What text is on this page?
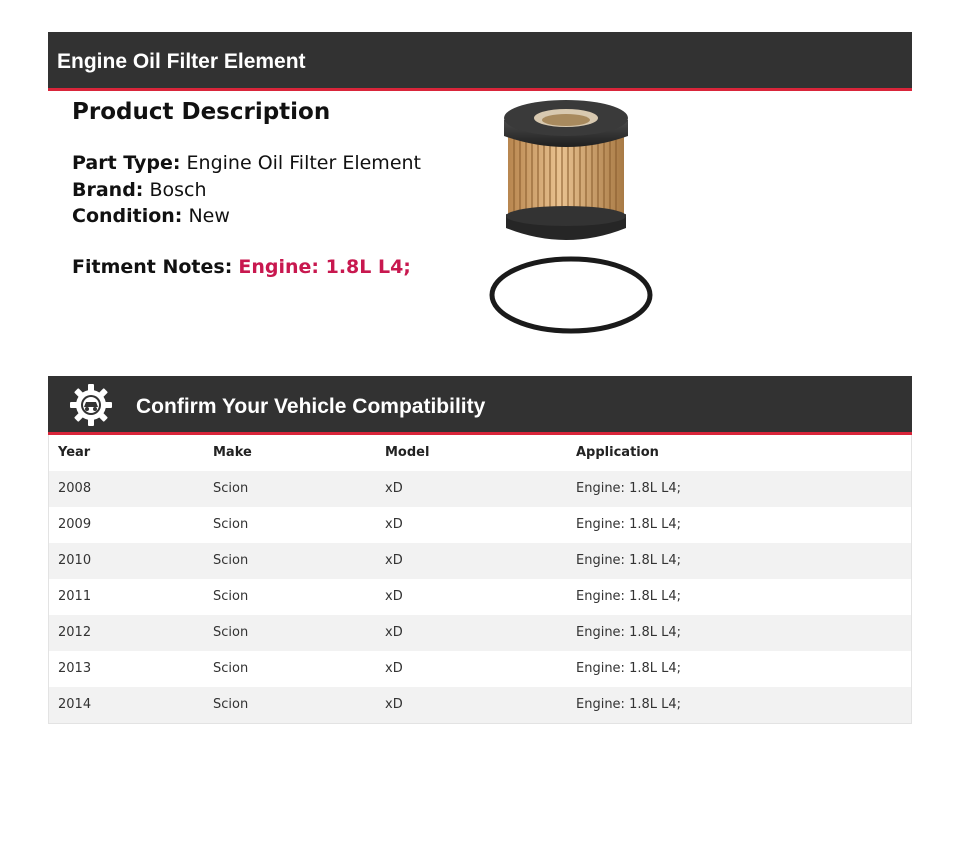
Engine Oil Filter Element
Product Description
Part Type: Engine Oil Filter Element
Brand: Bosch
Condition: New
Fitment Notes: Engine: 1.8L L4;
Confirm Your Vehicle Compatibility
Year	Make	Model	Application
2008	Scion	xD	Engine: 1.8L L4;
2009	Scion	xD	Engine: 1.8L L4;
2010	Scion	xD	Engine: 1.8L L4;
2011	Scion	xD	Engine: 1.8L L4;
2012	Scion	xD	Engine: 1.8L L4;
2013	Scion	xD	Engine: 1.8L L4;
2014	Scion	xD	Engine: 1.8L L4;
